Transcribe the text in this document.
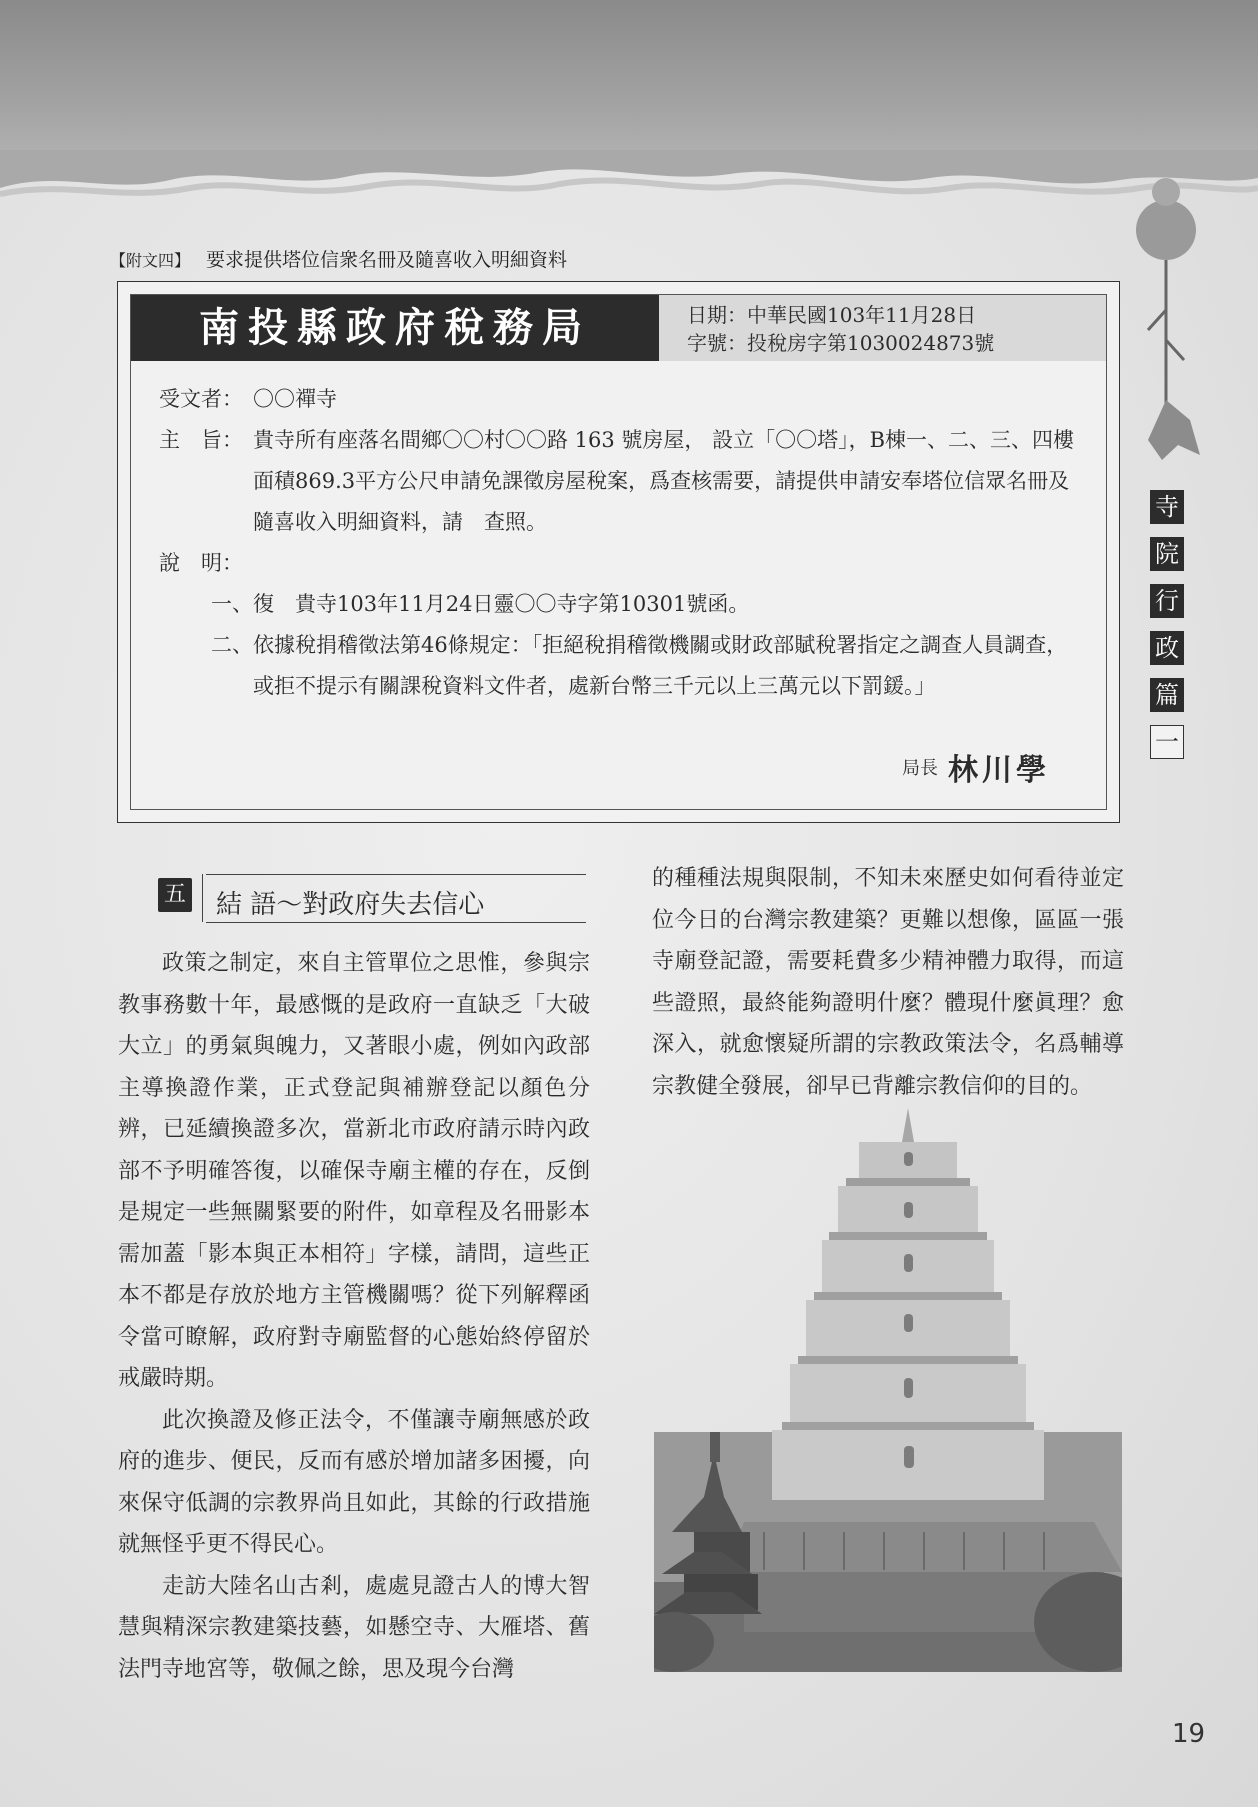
【附文四】 要求提供塔位信衆名冊及隨喜收入明細資料
南投縣政府稅務局	日期：中華民國103年11月28日
字號：投稅房字第1030024873號
受文者： 〇〇禪寺
主　旨： 貴寺所有座落名間鄉〇〇村〇〇路 163 號房屋， 設立「〇〇塔」，B棟一、二、三、四樓面積869.3平方公尺申請免課徵房屋稅案，爲查核需要，請提供申請安奉塔位信眾名冊及隨喜收入明細資料，請　查照。
說　明：
一、 復　貴寺103年11月24日靈〇〇寺字第10301號函。
二、 依據稅捐稽徵法第46條規定：「拒絕稅捐稽徵機關或財政部賦稅署指定之調查人員調查，或拒不提示有關課稅資料文件者，處新台幣三千元以上三萬元以下罰鍰。」
局長 林川學
五 結 語～對政府失去信心

政策之制定，來自主管單位之思惟，參與宗教事務數十年，最感慨的是政府一直缺乏「大破大立」的勇氣與魄力，又著眼小處，例如內政部主導換證作業，正式登記與補辦登記以顏色分辨，已延續換證多次，當新北市政府請示時內政部不予明確答復，以確保寺廟主權的存在，反倒是規定一些無關緊要的附件，如章程及名冊影本需加蓋「影本與正本相符」字樣，請問，這些正本不都是存放於地方主管機關嗎？從下列解釋函令當可瞭解，政府對寺廟監督的心態始終停留於戒嚴時期。

此次換證及修正法令，不僅讓寺廟無感於政府的進步、便民，反而有感於增加諸多困擾，向來保守低調的宗教界尚且如此，其餘的行政措施就無怪乎更不得民心。

走訪大陸名山古剎，處處見證古人的博大智慧與精深宗教建築技藝，如懸空寺、大雁塔、舊法門寺地宮等，敬佩之餘，思及現今台灣

的種種法規與限制，不知未來歷史如何看待並定位今日的台灣宗教建築？更難以想像，區區一張寺廟登記證，需要耗費多少精神體力取得，而這些證照，最終能夠證明什麼？體現什麼眞理？愈深入，就愈懷疑所謂的宗教政策法令，名爲輔導宗教健全發展，卻早已背離宗教信仰的目的。

寺
院
行
政
篇
一
19
